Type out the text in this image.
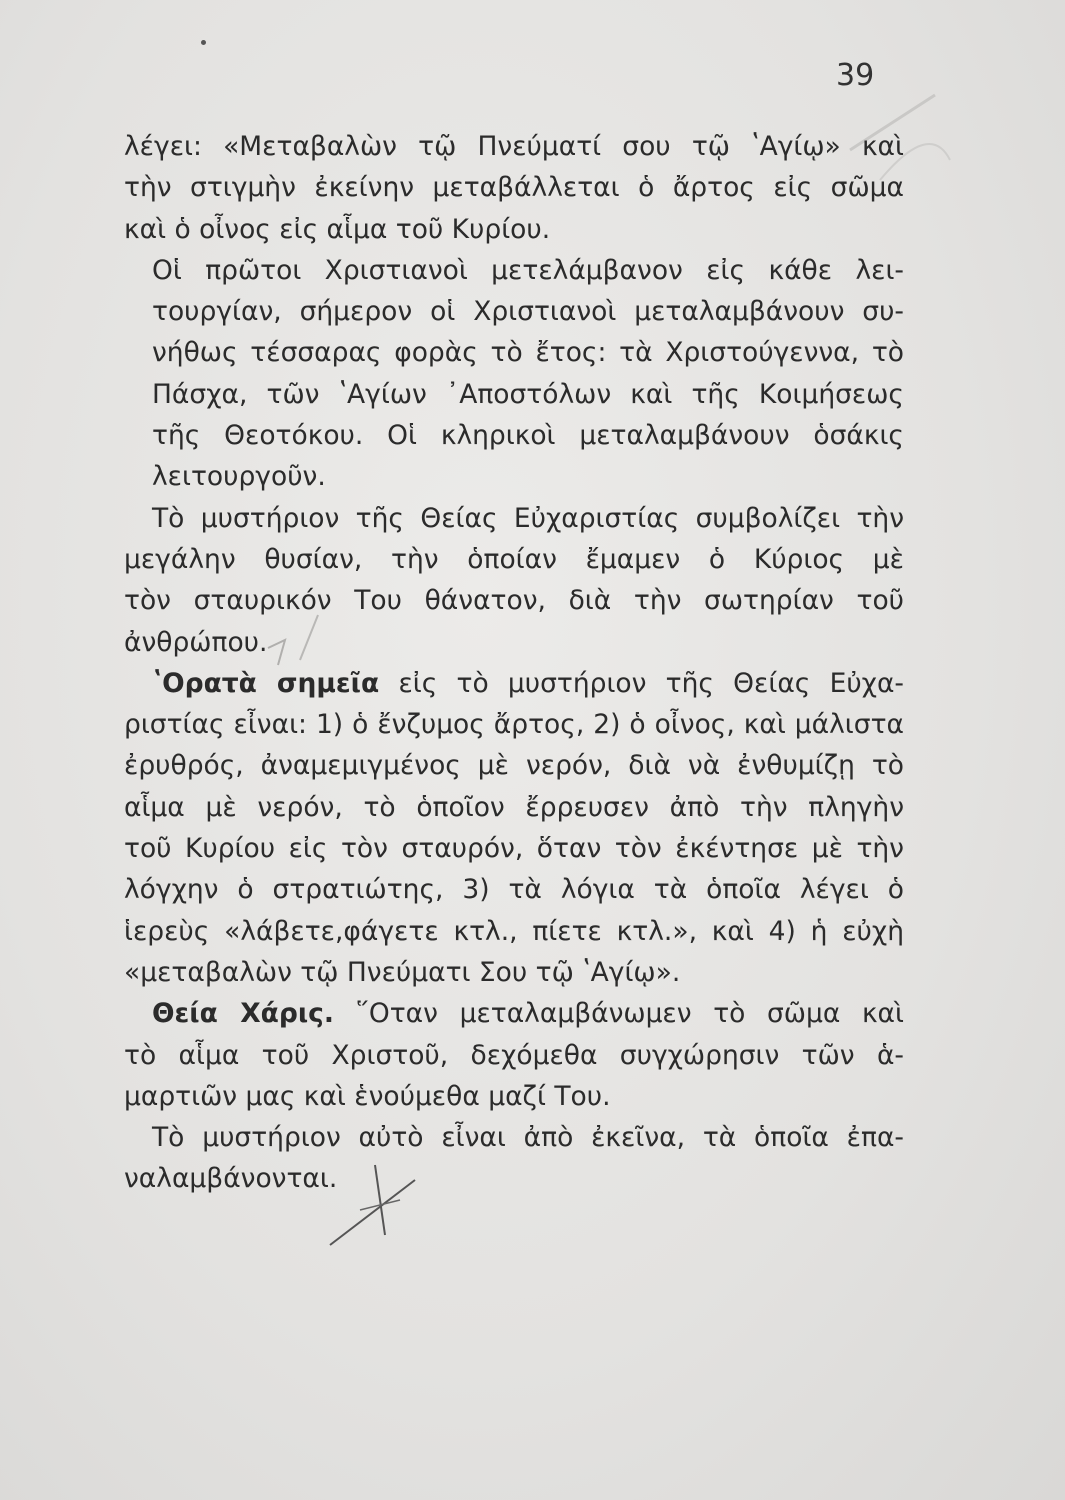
39

λέγει: «Μεταβαλὼν τῷ Πνεύματί σου τῷ ʽΑγίῳ» καὶ
τὴν στιγμὴν ἐκείνην μεταβάλλεται ὁ ἄρτος εἰς σῶμα
καὶ ὁ οἶνος εἰς αἷμα τοῦ Κυρίου.

Οἱ πρῶτοι Χριστιανοὶ μετελάμβανον εἰς κάθε λει-
τουργίαν, σήμερον οἱ Χριστιανοὶ μεταλαμβάνουν συ-
νήθως τέσσαρας φορὰς τὸ ἔτος: τὰ Χριστούγεννα, τὸ
Πάσχα, τῶν ʽΑγίων ᾿Αποστόλων καὶ τῆς Κοιμήσεως
τῆς Θεοτόκου. Οἱ κληρικοὶ μεταλαμβάνουν ὁσάκις
λειτουργοῦν.

Τὸ μυστήριον τῆς Θείας Εὐχαριστίας συμβολίζει τὴν
μεγάλην θυσίαν, τὴν ὁποίαν ἔμαμεν ὁ Κύριος μὲ
τὸν σταυρικόν Του θάνατον, διὰ τὴν σωτηρίαν τοῦ
ἀνθρώπου.

ʽΟρατὰ σημεῖα εἰς τὸ μυστήριον τῆς Θείας Εὐχα-
ριστίας εἶναι: 1) ὁ ἔνζυμος ἄρτος, 2) ὁ οἶνος, καὶ μάλιστα
ἐρυθρός, ἀναμεμιγμένος μὲ νερόν, διὰ νὰ ἐνθυμίζῃ τὸ
αἷμα μὲ νερόν, τὸ ὁποῖον ἔρρευσεν ἀπὸ τὴν πληγὴν
τοῦ Κυρίου εἰς τὸν σταυρόν, ὅταν τὸν ἐκέντησε μὲ τὴν
λόγχην ὁ στρατιώτης, 3) τὰ λόγια τὰ ὁποῖα λέγει ὁ
ἱερεὺς «λάβετε,φάγετε κτλ., πίετε κτλ.», καὶ 4) ἡ εὐχὴ
«μεταβαλὼν τῷ Πνεύματι Σου τῷ ʽΑγίῳ».

Θεία Χάρις. ῞Οταν μεταλαμβάνωμεν τὸ σῶμα καὶ
τὸ αἷμα τοῦ Χριστοῦ, δεχόμεθα συγχώρησιν τῶν ἁ-
μαρτιῶν μας καὶ ἑνούμεθα μαζί Του.

Τὸ μυστήριον αὐτὸ εἶναι ἀπὸ ἐκεῖνα, τὰ ὁποῖα ἐπα-
ναλαμβάνονται.
